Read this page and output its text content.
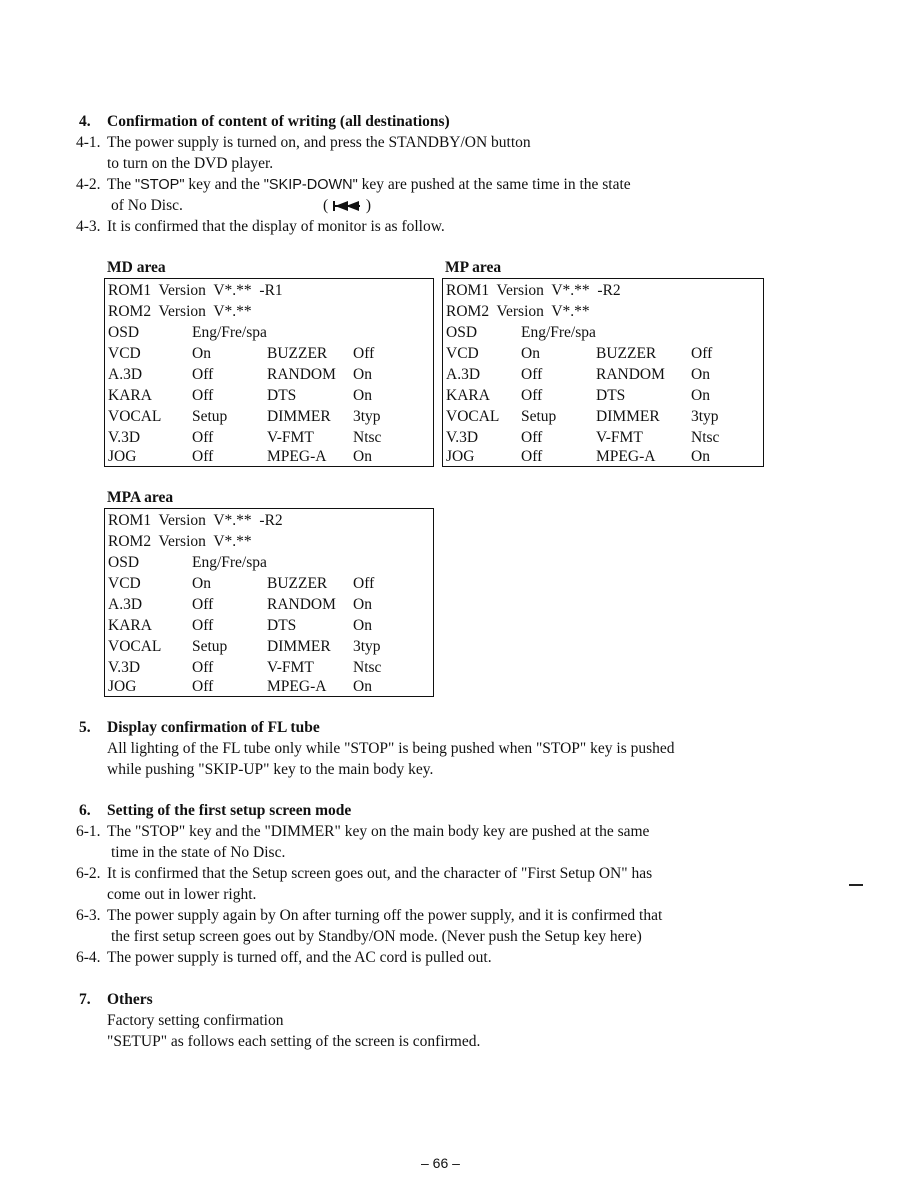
4. Confirmation of content of writing (all destinations)
4-1. The power supply is turned on, and press the STANDBY/ON button
to turn on the DVD player.
4-2. The "STOP" key and the "SKIP-DOWN" key are pushed at the same time in the state
of No Disc.	( )
4-3. It is confirmed that the display of monitor is as follow.
MD area
ROM1  Version  V*.**  -R1
ROM2  Version  V*.**
OSD	Eng/Fre/spa
VCD	On	BUZZER Off
A.3D	Off	RANDOM On
KARA	Off	DTS	On
VOCAL Setup	DIMMER 3typ
V.3D	Off	V-FMT	Ntsc
JOG	Off	MPEG-A On
MP area
ROM1  Version  V*.**  -R2
ROM2  Version  V*.**
OSD	Eng/Fre/spa
VCD	On	BUZZER Off
A.3D	Off	RANDOM On
KARA Off	DTS	On
VOCAL Setup	DIMMER 3typ
V.3D	Off	V-FMT	Ntsc
JOG	Off	MPEG-A On
MPA area
ROM1  Version  V*.**  -R2
ROM2  Version  V*.**
OSD	Eng/Fre/spa
VCD	On	BUZZER Off
A.3D	Off	RANDOM On
KARA	Off	DTS	On
VOCAL Setup	DIMMER 3typ
V.3D	Off	V-FMT	Ntsc
JOG	Off	MPEG-A On
5. Display confirmation of FL tube
All lighting of the FL tube only while "STOP" is being pushed when "STOP" key is pushed
while pushing "SKIP-UP" key to the main body key.
6. Setting of the first setup screen mode
6-1. The "STOP" key and the "DIMMER" key on the main body key are pushed at the same
time in the state of No Disc.
6-2. It is confirmed that the Setup screen goes out, and the character of "First Setup ON" has
come out in lower right.
6-3. The power supply again by On after turning off the power supply, and it is confirmed that
the first setup screen goes out by Standby/ON mode. (Never push the Setup key here)
6-4. The power supply is turned off, and the AC cord is pulled out.
7. Others
Factory setting confirmation
"SETUP" as follows each setting of the screen is confirmed.
– 66 –
